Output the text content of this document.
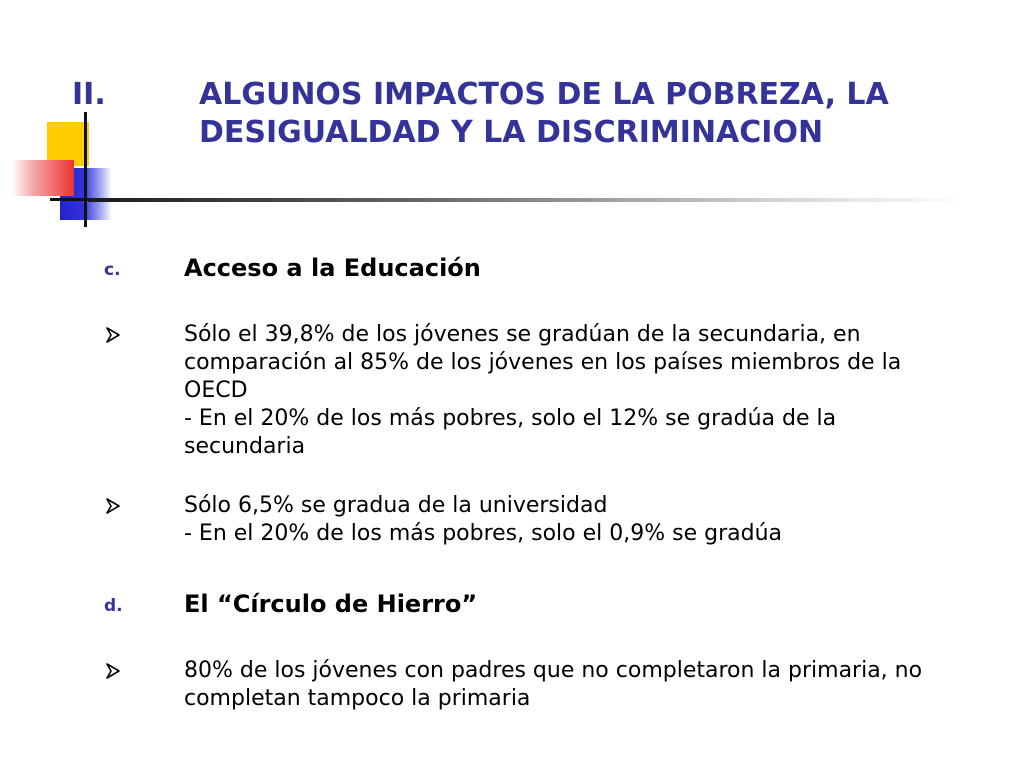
II.	ALGUNOS IMPACTOS DE LA POBREZA, LA
DESIGUALDAD Y LA DISCRIMINACION
c.	Acceso a la Educación
Sólo el 39,8% de los jóvenes se gradúan de la secundaria, en
comparación al 85% de los jóvenes en los países miembros de la
OECD
- En el 20% de los más pobres, solo el 12% se gradúa de la
secundaria
Sólo 6,5% se gradua de la universidad
- En el 20% de los más pobres, solo el 0,9% se gradúa
d.	El “Círculo de Hierro”
80% de los jóvenes con padres que no completaron la primaria, no
completan tampoco la primaria
